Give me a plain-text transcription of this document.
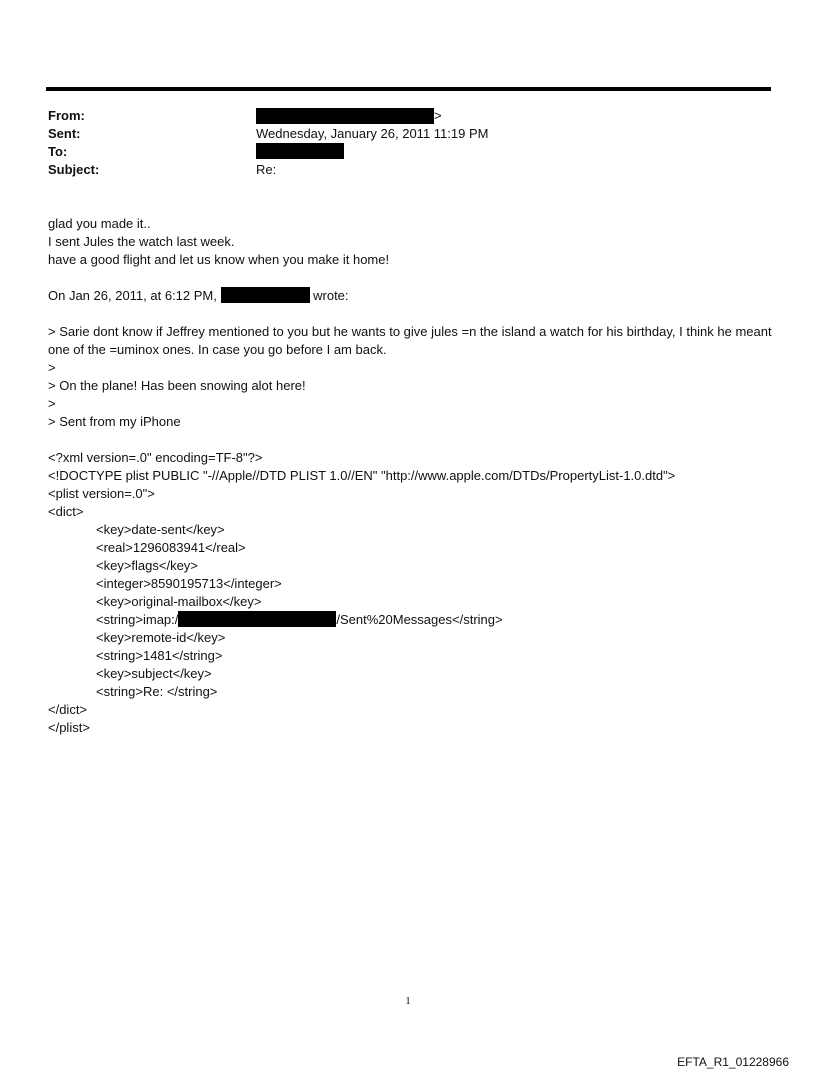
From:	>
Sent:	Wednesday, January 26, 2011 11:19 PM
To:
Subject:	Re:
glad you made it..
I sent Jules the watch last week.
have a good flight and let us know when you make it home!
On Jan 26, 2011, at 6:12 PM,	wrote:
> Sarie dont know if Jeffrey mentioned to you but he wants to give jules =n the island a watch for his birthday, I think he meant one of the =uminox ones. In case you go before I am back.
>
> On the plane! Has been snowing alot here!
>
> Sent from my iPhone
<?xml version=.0" encoding=TF-8"?>
<!DOCTYPE plist PUBLIC "-//Apple//DTD PLIST 1.0//EN" "http://www.apple.com/DTDs/PropertyList-1.0.dtd">
<plist version=.0">
<dict>
<key>date-sent</key>
<real>1296083941</real>
<key>flags</key>
<integer>8590195713</integer>
<key>original-mailbox</key>
<string>imap:/	/Sent%20Messages</string>
<key>remote-id</key>
<string>1481</string>
<key>subject</key>
<string>Re: </string>
</dict>
</plist>
1
EFTA_R1_01228966
